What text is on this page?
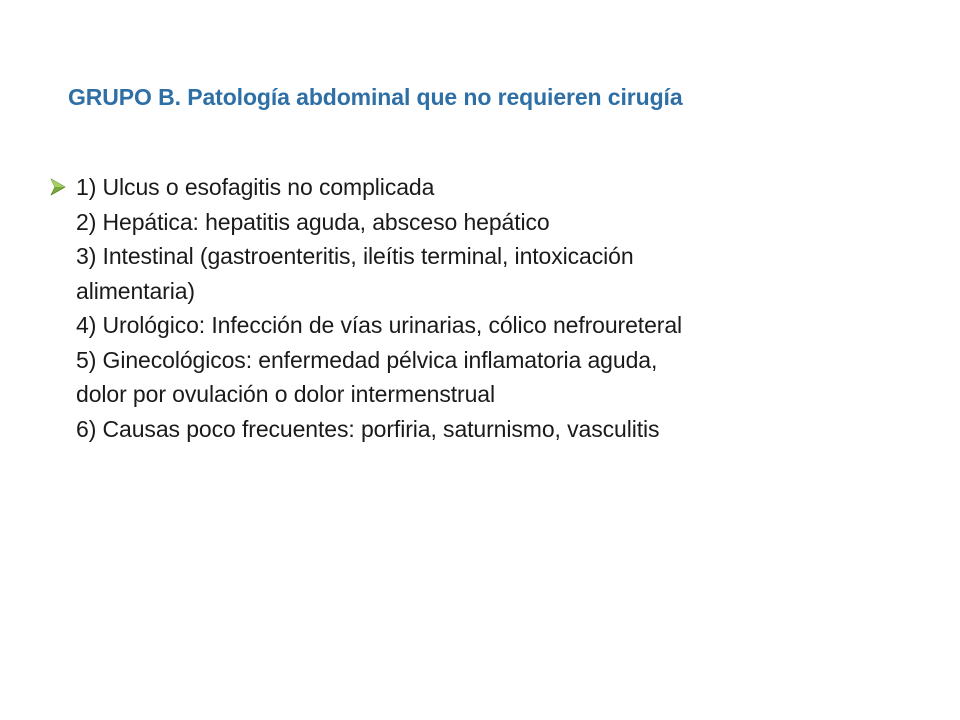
GRUPO B. Patología abdominal que no requieren cirugía
1) Ulcus o esofagitis no complicada
2) Hepática: hepatitis aguda, absceso hepático
3) Intestinal (gastroenteritis, ileítis terminal, intoxicación
alimentaria)
4) Urológico: Infección de vías urinarias, cólico nefroureteral
5) Ginecológicos: enfermedad pélvica inflamatoria aguda,
dolor por ovulación o dolor intermenstrual
6) Causas poco frecuentes: porfiria, saturnismo, vasculitis
